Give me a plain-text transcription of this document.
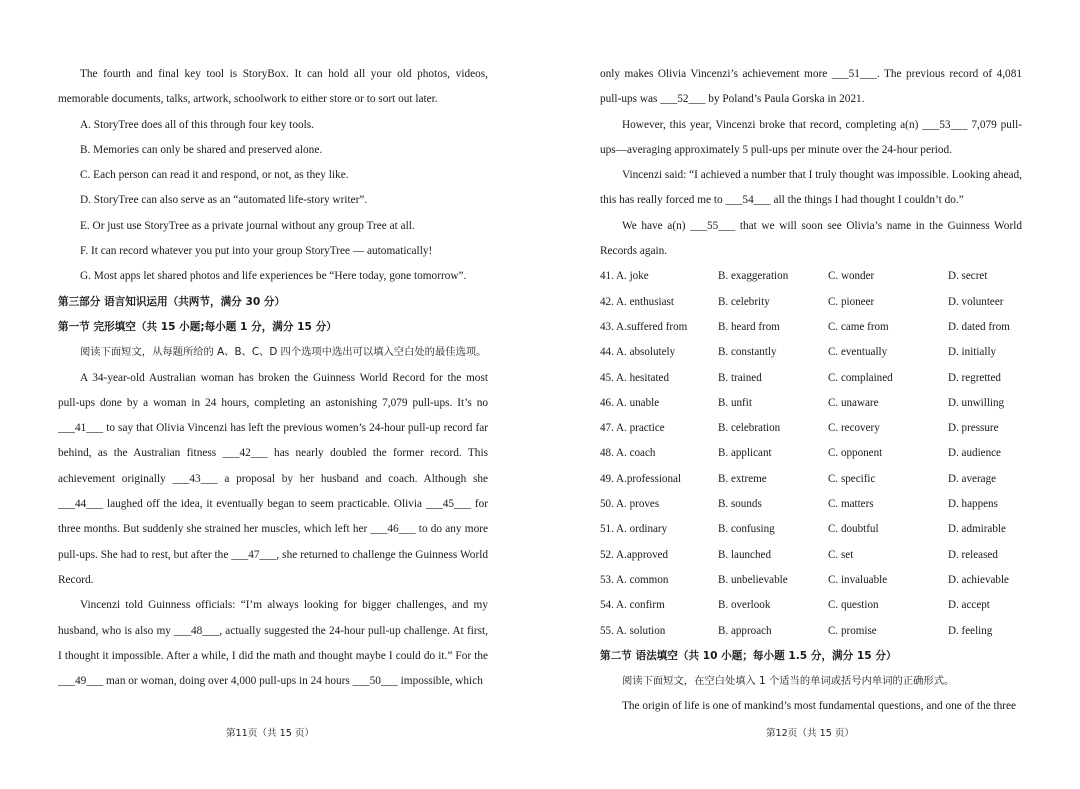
The fourth and final key tool is StoryBox. It can hold all your old photos, videos, memorable documents, talks, artwork, schoolwork to either store or to sort out later.

A. StoryTree does all of this through four key tools.

B. Memories can only be shared and preserved alone.

C. Each person can read it and respond, or not, as they like.

D. StoryTree can also serve as an “automated life-story writer”.

E. Or just use StoryTree as a private journal without any group Tree at all.

F. It can record whatever you put into your group StoryTree — automatically!

G. Most apps let shared photos and life experiences be “Here today, gone tomorrow”.

第三部分 语言知识运用（共两节，满分 30 分）

第一节 完形填空（共 15 小题;每小题 1 分，满分 15 分）

阅读下面短文，从每题所给的 A、B、C、D 四个选项中选出可以填入空白处的最佳选项。

A 34-year-old Australian woman has broken the Guinness World Record for the most pull-ups done by a woman in 24 hours, completing an astonishing 7,079 pull-ups. It’s no ___41___ to say that Olivia Vincenzi has left the previous women’s 24-hour pull-up record far behind, as the Australian fitness ___42___ has nearly doubled the former record. This achievement originally ___43___ a proposal by her husband and coach. Although she ___44___ laughed off the idea, it eventually began to seem practicable. Olivia ___45___ for three months. But suddenly she strained her muscles, which left her ___46___ to do any more pull-ups. She had to rest, but after the ___47___, she returned to challenge the Guinness World Record.

Vincenzi told Guinness officials: “I’m always looking for bigger challenges, and my husband, who is also my ___48___, actually suggested the 24-hour pull-up challenge. At first, I thought it impossible. After a while, I did the math and thought maybe I could do it.” For the ___49___ man or woman, doing over 4,000 pull-ups in 24 hours ___50___ impossible, which

第11页（共 15 页）

only makes Olivia Vincenzi’s achievement more ___51___. The previous record of 4,081 pull-ups was ___52___ by Poland’s Paula Gorska in 2021.

However, this year, Vincenzi broke that record, completing a(n) ___53___ 7,079 pull-ups—averaging approximately 5 pull-ups per minute over the 24-hour period.

Vincenzi said: “I achieved a number that I truly thought was impossible. Looking ahead, this has really forced me to ___54___ all the things I had thought I couldn’t do.”

We have a(n) ___55___ that we will soon see Olivia’s name in the Guinness World Records again.

41. A. joke	B. exaggeration	C. wonder	D. secret
42. A. enthusiast	B. celebrity	C. pioneer	D. volunteer
43. A.suffered from	B. heard from	C. came from	D. dated from
44. A. absolutely	B. constantly	C. eventually	D. initially
45. A. hesitated	B. trained	C. complained	D. regretted
46. A. unable	B. unfit	C. unaware	D. unwilling
47. A. practice	B. celebration	C. recovery	D. pressure
48. A. coach	B. applicant	C. opponent	D. audience
49. A.professional	B. extreme	C. specific	D. average
50. A. proves	B. sounds	C. matters	D. happens
51. A. ordinary	B. confusing	C. doubtful	D. admirable
52. A.approved	B. launched	C. set	D. released
53. A. common	B. unbelievable	C. invaluable	D. achievable
54. A. confirm	B. overlook	C. question	D. accept
55. A. solution	B. approach	C. promise	D. feeling

第二节 语法填空（共 10 小题；每小题 1.5 分，满分 15 分）

阅读下面短文，在空白处填入 1 个适当的单词或括号内单词的正确形式。

The origin of life is one of mankind’s most fundamental questions, and one of the three

第12页（共 15 页）
